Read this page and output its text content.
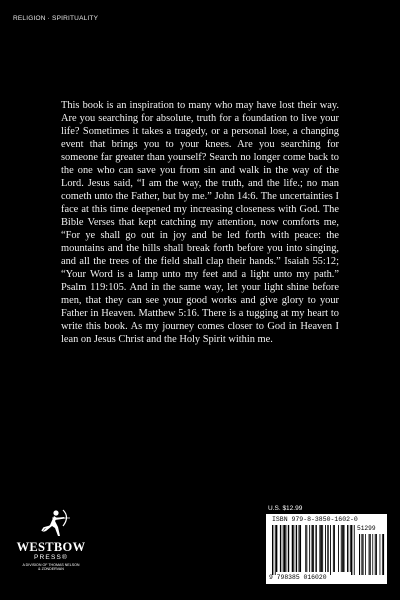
RELIGION · SPIRITUALITY

This book is an inspiration to many who may have lost their way. Are you searching for absolute, truth for a foundation to live your life? Sometimes it takes a tragedy, or a personal lose, a changing event that brings you to your knees. Are you searching for someone far greater than yourself? Search no longer come back to the one who can save you from sin and walk in the way of the Lord. Jesus said, “I am the way, the truth, and the life.; no man cometh unto the Father, but by me.” John 14:6. The uncertainties I face at this time deepened my increasing closeness with God. The Bible Verses that kept catching my attention, now comforts me, “For ye shall go out in joy and be led forth with peace: the mountains and the hills shall break forth before you into singing, and all the trees of the field shall clap their hands.” Isaiah 55:12; “Your Word is a lamp unto my feet and a light unto my path.” Psalm 119:105. And in the same way, let your light shine before men, that they can see your good works and give glory to your Father in Heaven. Matthew 5:16. There is a tugging at my heart to write this book. As my journey comes closer to God in Heaven I lean on Jesus Christ and the Holy Spirit within me.

WESTBOW
PRESS®
A DIVISION OF THOMAS NELSON
& ZONDERVAN
U.S. $12.99
ISBN 979-8-3850-1602-0
9 798385 016020
51299
